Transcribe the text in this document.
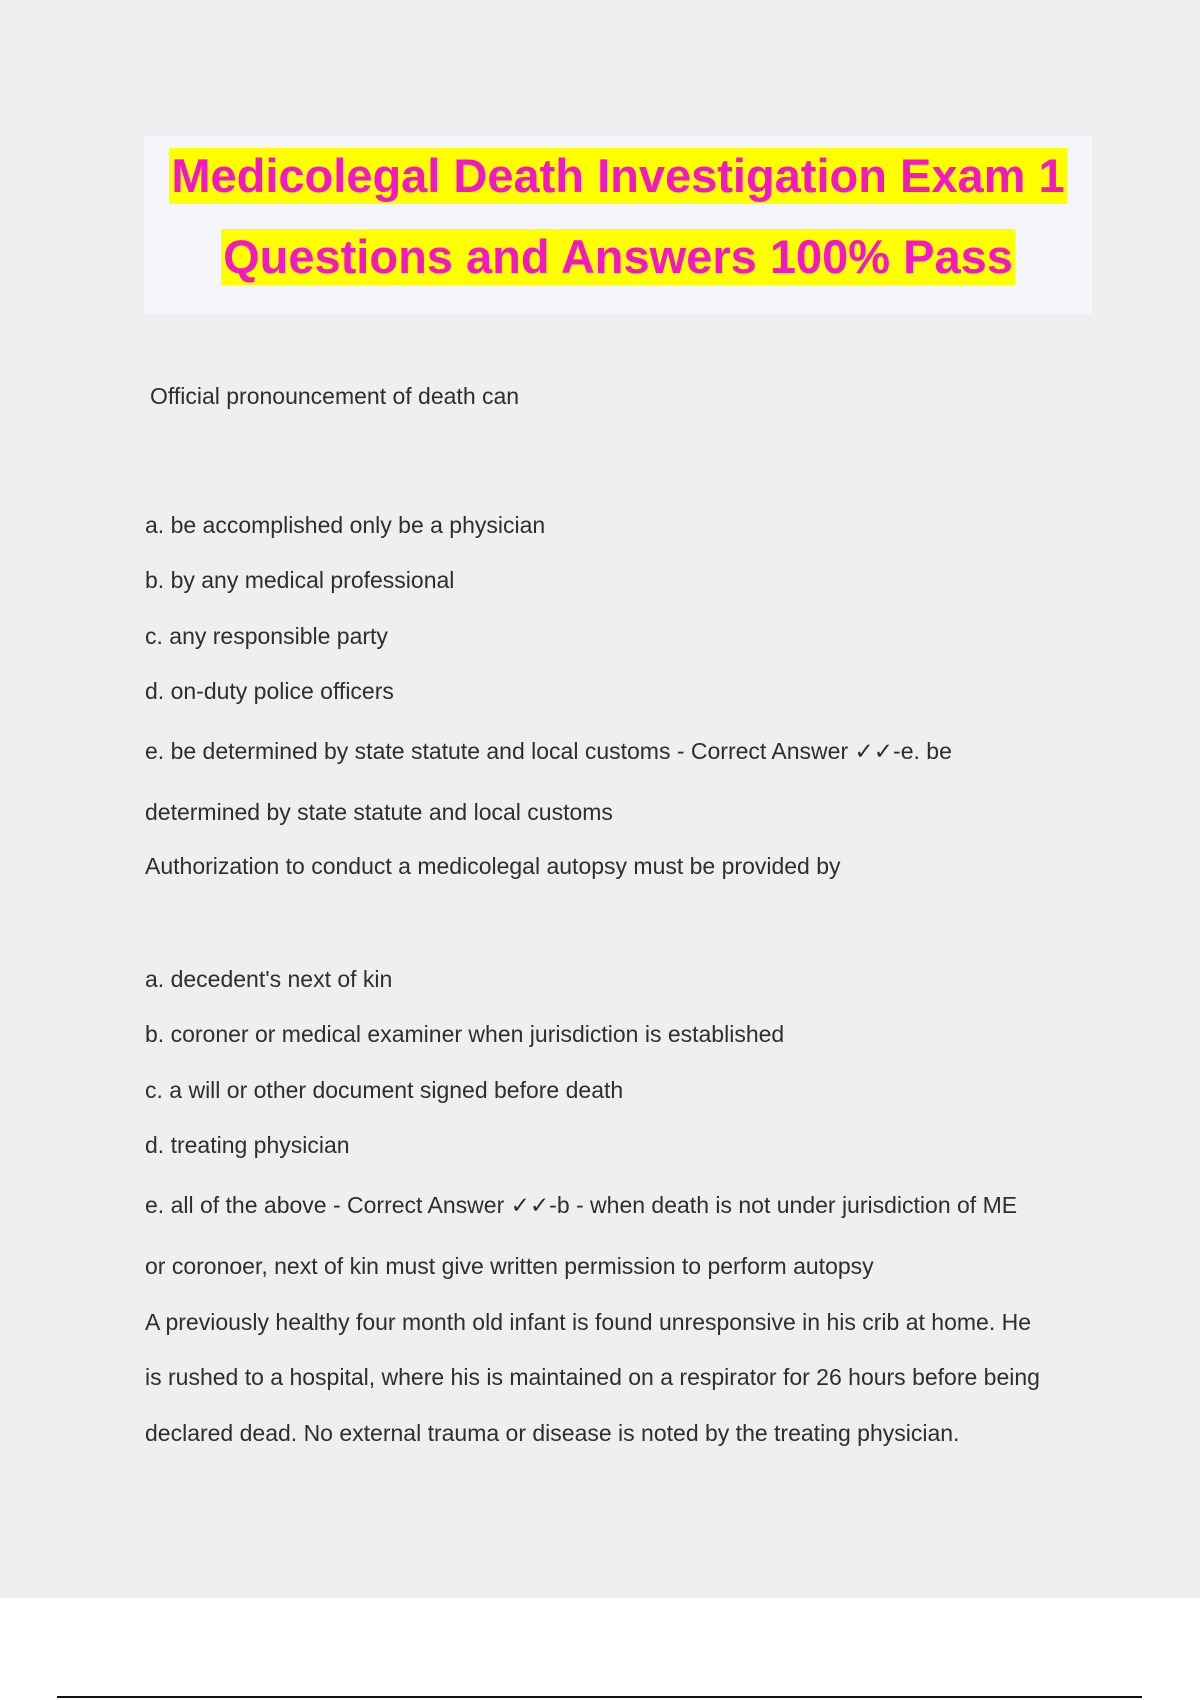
Medicolegal Death Investigation Exam 1
Questions and Answers 100% Pass
Official pronouncement of death can
a. be accomplished only be a physician
b. by any medical professional
c. any responsible party
d. on-duty police officers
e. be determined by state statute and local customs - Correct Answer ✓✓-e. be
determined by state statute and local customs
Authorization to conduct a medicolegal autopsy must be provided by
a. decedent's next of kin
b. coroner or medical examiner when jurisdiction is established
c. a will or other document signed before death
d. treating physician
e. all of the above - Correct Answer ✓✓-b - when death is not under jurisdiction of ME
or coronoer, next of kin must give written permission to perform autopsy
A previously healthy four month old infant is found unresponsive in his crib at home. He
is rushed to a hospital, where his is maintained on a respirator for 26 hours before being
declared dead. No external trauma or disease is noted by the treating physician.
